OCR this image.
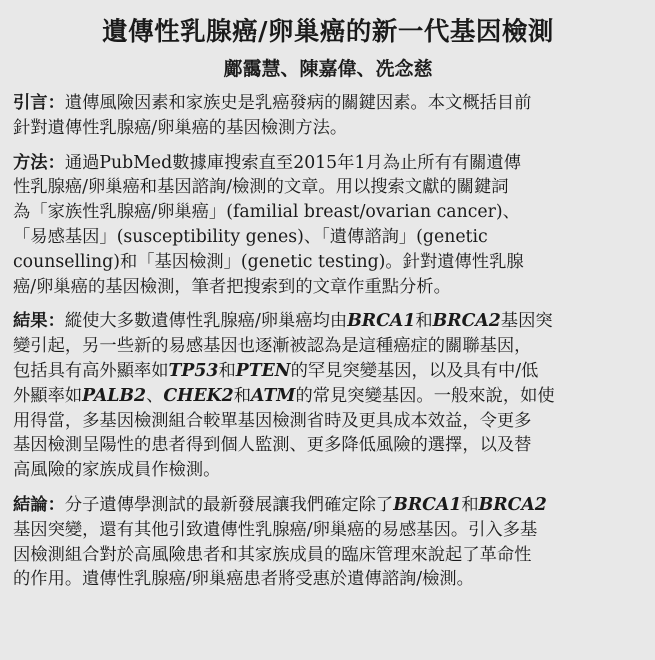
遺傳性乳腺癌/卵巢癌的新一代基因檢測
鄺靄慧、陳嘉偉、冼念慈
引言：遺傳風險因素和家族史是乳癌發病的關鍵因素。本文概括目前
針對遺傳性乳腺癌/卵巢癌的基因檢測方法。
方法：通過PubMed數據庫搜索直至2015年1月為止所有有關遺傳
性乳腺癌/卵巢癌和基因諮詢/檢測的文章。用以搜索文獻的關鍵詞
為「家族性乳腺癌/卵巢癌」(familial breast/ovarian cancer)、
「易感基因」(susceptibility genes)、「遺傳諮詢」(genetic
counselling)和「基因檢測」(genetic testing)。針對遺傳性乳腺
癌/卵巢癌的基因檢測，筆者把搜索到的文章作重點分析。
結果：縱使大多數遺傳性乳腺癌/卵巢癌均由BRCA1和BRCA2基因突
變引起，另一些新的易感基因也逐漸被認為是這種癌症的關聯基因，
包括具有高外顯率如TP53和PTEN的罕見突變基因，以及具有中/低
外顯率如PALB2、CHEK2和ATM的常見突變基因。一般來說，如使
用得當，多基因檢測組合較單基因檢測省時及更具成本效益，令更多
基因檢測呈陽性的患者得到個人監測、更多降低風險的選擇，以及替
高風險的家族成員作檢測。
結論：分子遺傳學測試的最新發展讓我們確定除了BRCA1和BRCA2
基因突變，還有其他引致遺傳性乳腺癌/卵巢癌的易感基因。引入多基
因檢測組合對於高風險患者和其家族成員的臨床管理來說起了革命性
的作用。遺傳性乳腺癌/卵巢癌患者將受惠於遺傳諮詢/檢測。
